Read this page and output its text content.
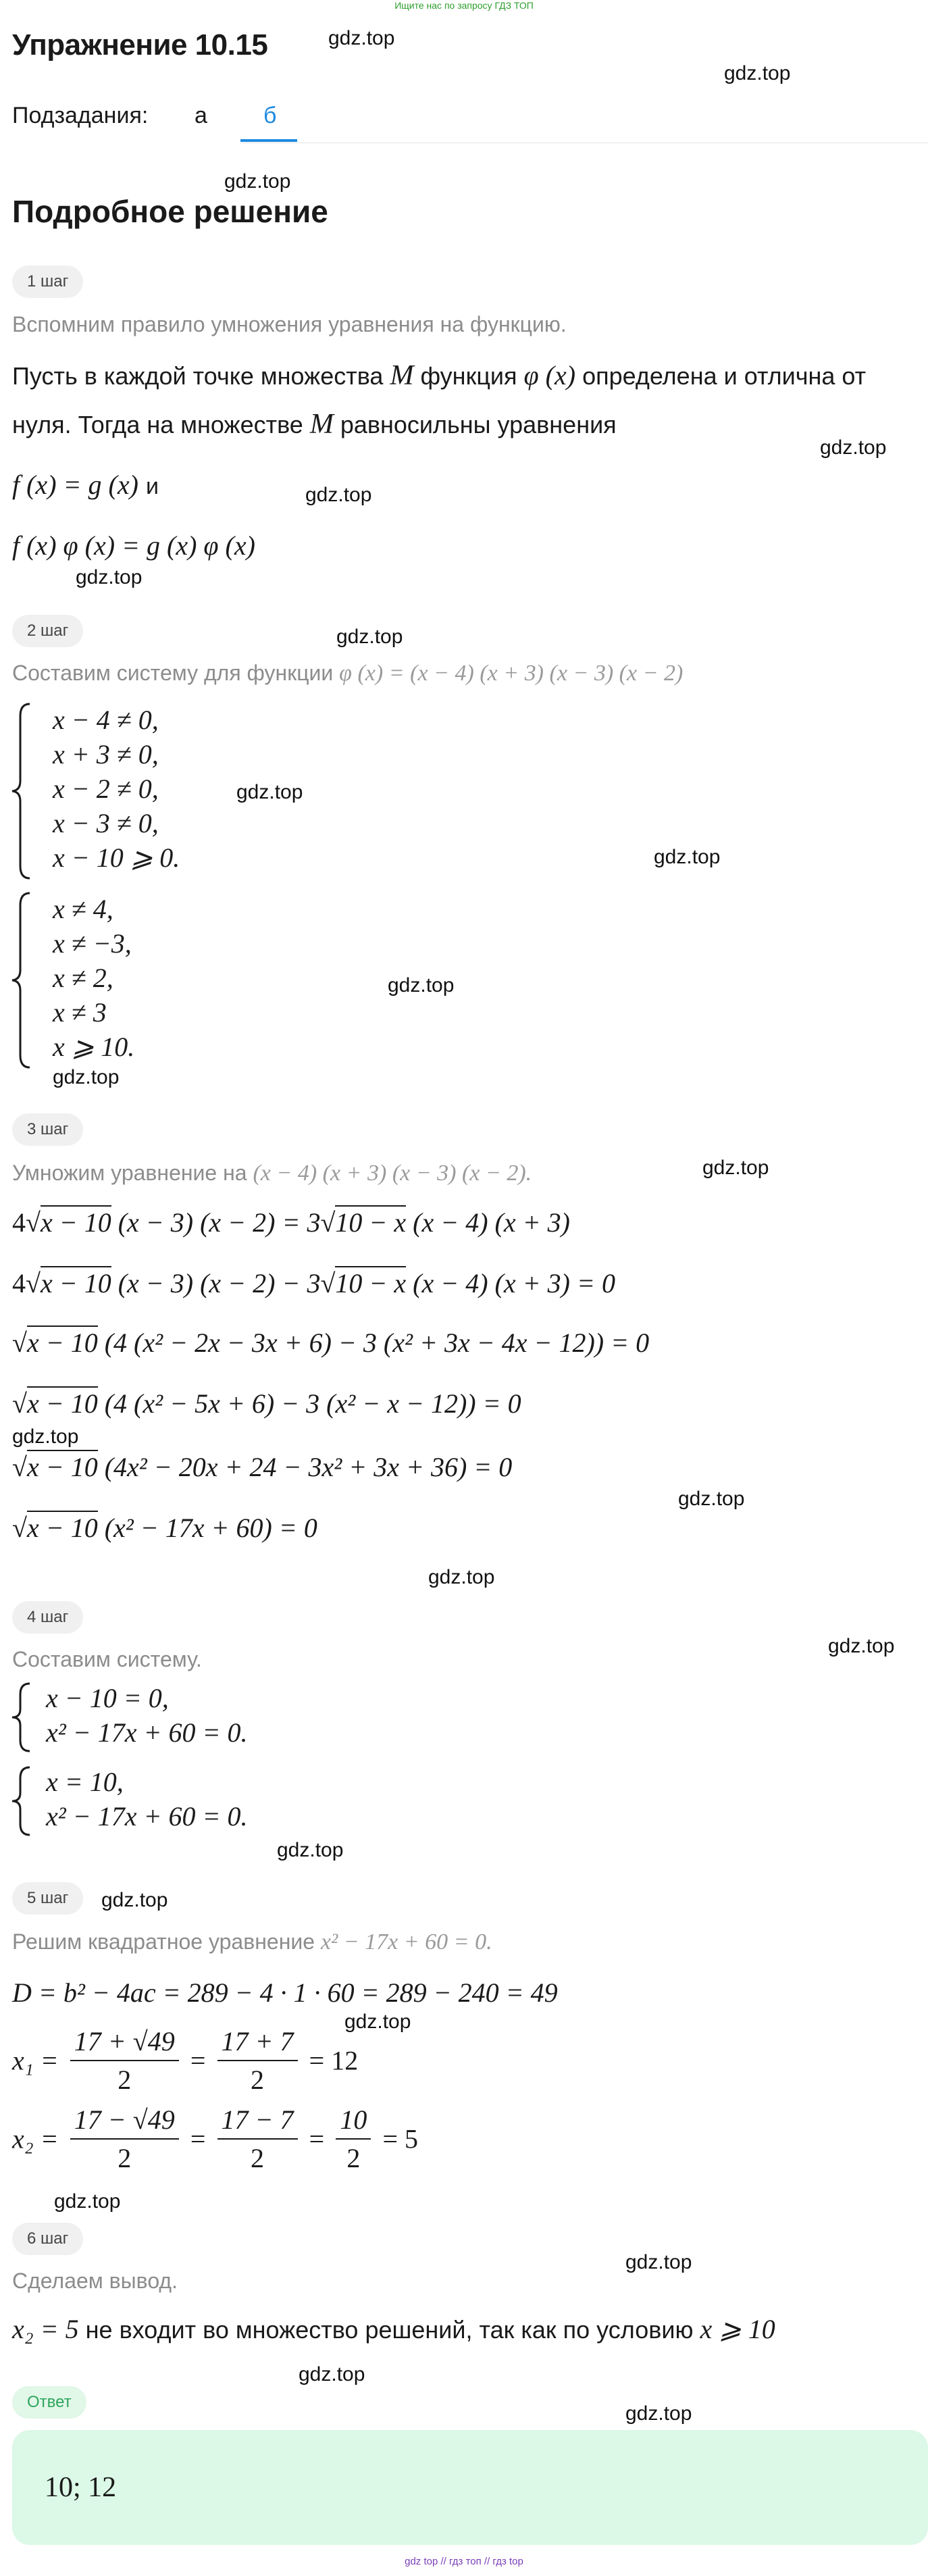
Ищите нас по запросу ГДЗ ТОП
Упражнение 10.15
Подзадания: а б
Подробное решение
gdz.top
gdz.top
gdz.top
gdz.top
gdz.top
gdz.top
gdz.top
gdz.top
gdz.top
gdz.top
gdz.top
gdz.top
gdz.top
gdz.top
gdz.top
gdz.top
gdz.top
gdz.top
gdz.top
gdz.top
gdz.top
gdz.top
gdz.top
1 шаг
Вспомним правило умножения уравнения на функцию.
Пусть в каждой точке множества M функция φ (x) определена и отлична от
нуля. Тогда на множестве M равносильны уравнения
f (x) = g (x) и
f (x) φ (x) = g (x) φ (x)
2 шаг
Составим систему для функции φ (x) = (x − 4) (x + 3) (x − 3) (x − 2)
x − 4 ≠ 0,
x + 3 ≠ 0,
x − 2 ≠ 0,
x − 3 ≠ 0,
x − 10 ⩾ 0.
x ≠ 4,
x ≠ −3,
x ≠ 2,
x ≠ 3
x ⩾ 10.
3 шаг
Умножим уравнение на (x − 4) (x + 3) (x − 3) (x − 2).
4√x − 10 (x − 3) (x − 2) = 3√10 − x (x − 4) (x + 3)
4√x − 10 (x − 3) (x − 2) − 3√10 − x (x − 4) (x + 3) = 0
√x − 10 (4 (x² − 2x − 3x + 6) − 3 (x² + 3x − 4x − 12)) = 0
√x − 10 (4 (x² − 5x + 6) − 3 (x² − x − 12)) = 0
√x − 10 (4x² − 20x + 24 − 3x² + 3x + 36) = 0
√x − 10 (x² − 17x + 60) = 0
4 шаг
Составим систему.
x − 10 = 0,
x² − 17x + 60 = 0.
x = 10,
x² − 17x + 60 = 0.
5 шаг
Решим квадратное уравнение x² − 17x + 60 = 0.
D = b² − 4ac = 289 − 4 · 1 · 60 = 289 − 240 = 49
$x_1 = \frac{17 + √49}{2} = \frac{17 + 7}{2} = 12$
$x_2 = \frac{17 - √49}{2} = \frac{17 - 7}{2} = \frac{10}{2} = 5$
6 шаг
Сделаем вывод.
x₂ = 5 не входит во множество решений, так как по условию x ⩾ 10
Ответ
10; 12
gdz top // гдз топ // гдз top
